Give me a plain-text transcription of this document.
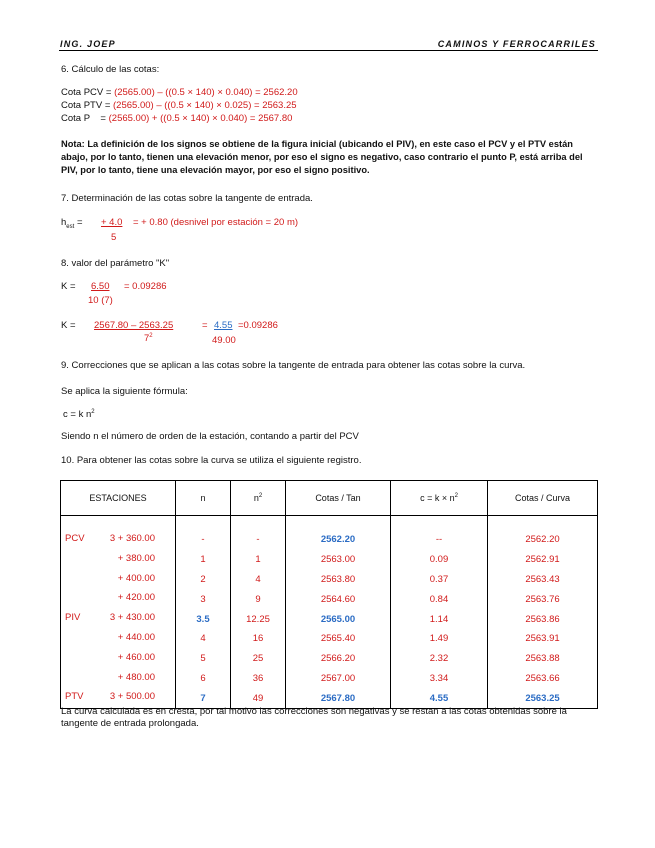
ING. JOEP	CAMINOS Y FERROCARRILES
6. Cálculo de las cotas:
Cota PCV = (2565.00) – ((0.5 × 140) × 0.040) = 2562.20
Cota PTV = (2565.00) – ((0.5 × 140) × 0.025) = 2563.25
Cota P    = (2565.00) + ((0.5 × 140) × 0.040) = 2567.80
Nota: La definición de los signos se obtiene de la figura inicial (ubicando el PIV), en este caso el PCV y el PTV están abajo, por lo tanto, tienen una elevación menor, por eso el signo es negativo, caso contrario el punto P, está arriba del PIV, por lo tanto, tiene una elevación mayor, por eso el signo positivo.
7. Determinación de las cotas sobre la tangente de entrada.
$h_{est}$ = + 4.0
5
= + 0.80 (desnivel por estación = 20 m)
8. valor del parámetro "K"
K = 6.50
10 (7)
= 0.09286
K = 2567.80 – 2563.25
$7^2$
= 4.55
49.00
=0.09286
9. Correcciones que se aplican a las cotas sobre la tangente de entrada para obtener las cotas sobre la curva.
Se aplica la siguiente fórmula:
c = k $n^2$
Siendo n el número de orden de la estación, contando a partir del PCV
10. Para obtener las cotas sobre la curva se utiliza el siguiente registro.
ESTACIONES	n	$n^2$	Cotas / Tan	$c = k \times n^2$	Cotas / Curva

PCV 3 + 360.00	-	-	2562.20	--	2562.20

+ 380.00	1	1	2563.00	0.09	2562.91

+ 400.00	2	4	2563.80	0.37	2563.43

+ 420.00	3	9	2564.60	0.84	2563.76

PIV 3 + 430.00	3.5	12.25	2565.00	1.14	2563.86

+ 440.00	4	16	2565.40	1.49	2563.91

+ 460.00	5	25	2566.20	2.32	2563.88

+ 480.00	6	36	2567.00	3.34	2563.66

PTV 3 + 500.00	7	49	2567.80	4.55	2563.25
La curva calculada es en cresta, por tal motivo las correcciones son negativas y se restan a las cotas obtenidas sobre la tangente de entrada prolongada.
